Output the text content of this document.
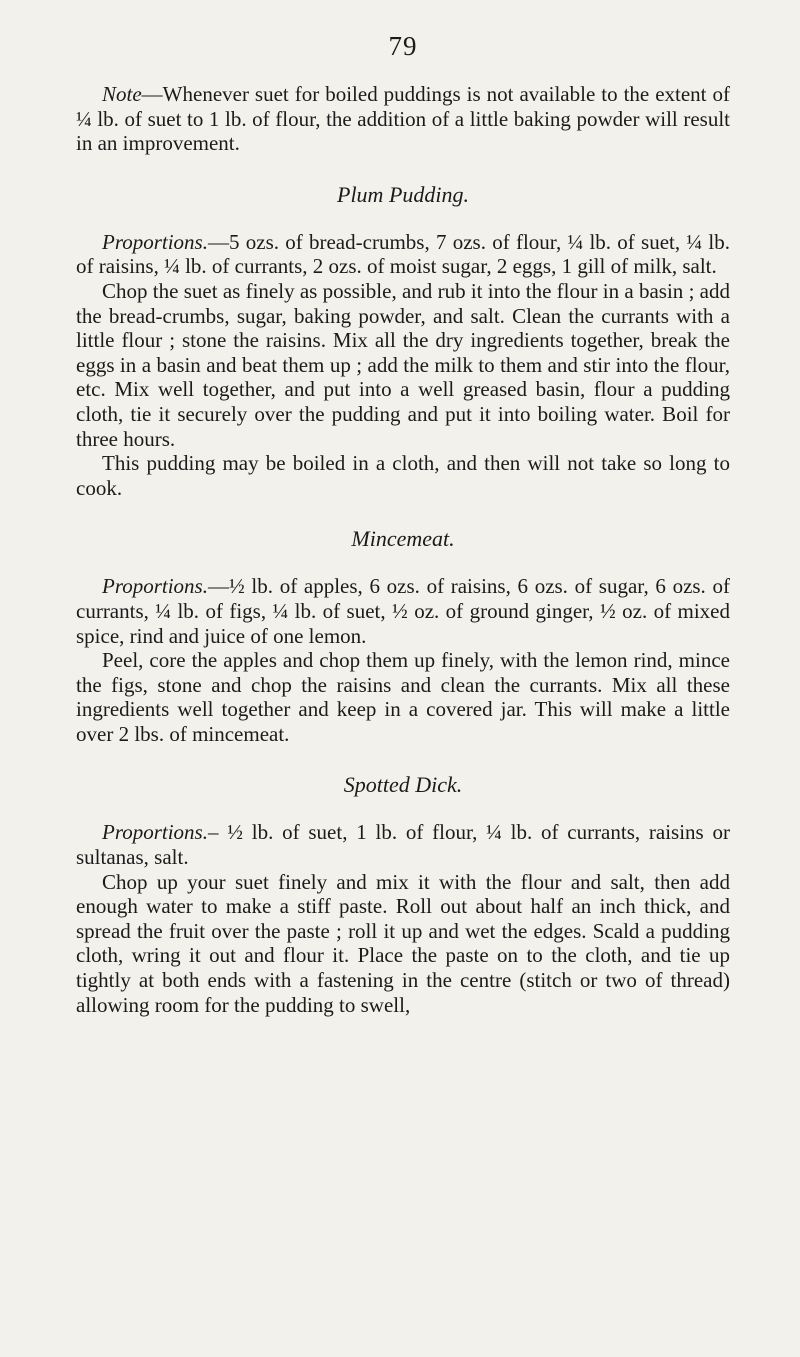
79

Note—Whenever suet for boiled puddings is not available to the extent of ¼ lb. of suet to 1 lb. of flour, the addition of a little baking powder will result in an improvement.

Plum Pudding.

Proportions.—5 ozs. of bread-crumbs, 7 ozs. of flour, ¼ lb. of suet, ¼ lb. of raisins, ¼ lb. of currants, 2 ozs. of moist sugar, 2 eggs, 1 gill of milk, salt.

Chop the suet as finely as possible, and rub it into the flour in a basin ; add the bread-crumbs, sugar, baking powder, and salt. Clean the currants with a little flour ; stone the raisins. Mix all the dry ingredients together, break the eggs in a basin and beat them up ; add the milk to them and stir into the flour, etc. Mix well together, and put into a well greased basin, flour a pudding cloth, tie it securely over the pudding and put it into boiling water. Boil for three hours.

This pudding may be boiled in a cloth, and then will not take so long to cook.

Mincemeat.

Proportions.—½ lb. of apples, 6 ozs. of raisins, 6 ozs. of sugar, 6 ozs. of currants, ¼ lb. of figs, ¼ lb. of suet, ½ oz. of ground ginger, ½ oz. of mixed spice, rind and juice of one lemon.

Peel, core the apples and chop them up finely, with the lemon rind, mince the figs, stone and chop the raisins and clean the currants. Mix all these ingredients well together and keep in a covered jar. This will make a little over 2 lbs. of mincemeat.

Spotted Dick.

Proportions.– ½ lb. of suet, 1 lb. of flour, ¼ lb. of currants, raisins or sultanas, salt.

Chop up your suet finely and mix it with the flour and salt, then add enough water to make a stiff paste. Roll out about half an inch thick, and spread the fruit over the paste ; roll it up and wet the edges. Scald a pudding cloth, wring it out and flour it. Place the paste on to the cloth, and tie up tightly at both ends with a fastening in the centre (stitch or two of thread) allowing room for the pudding to swell,
